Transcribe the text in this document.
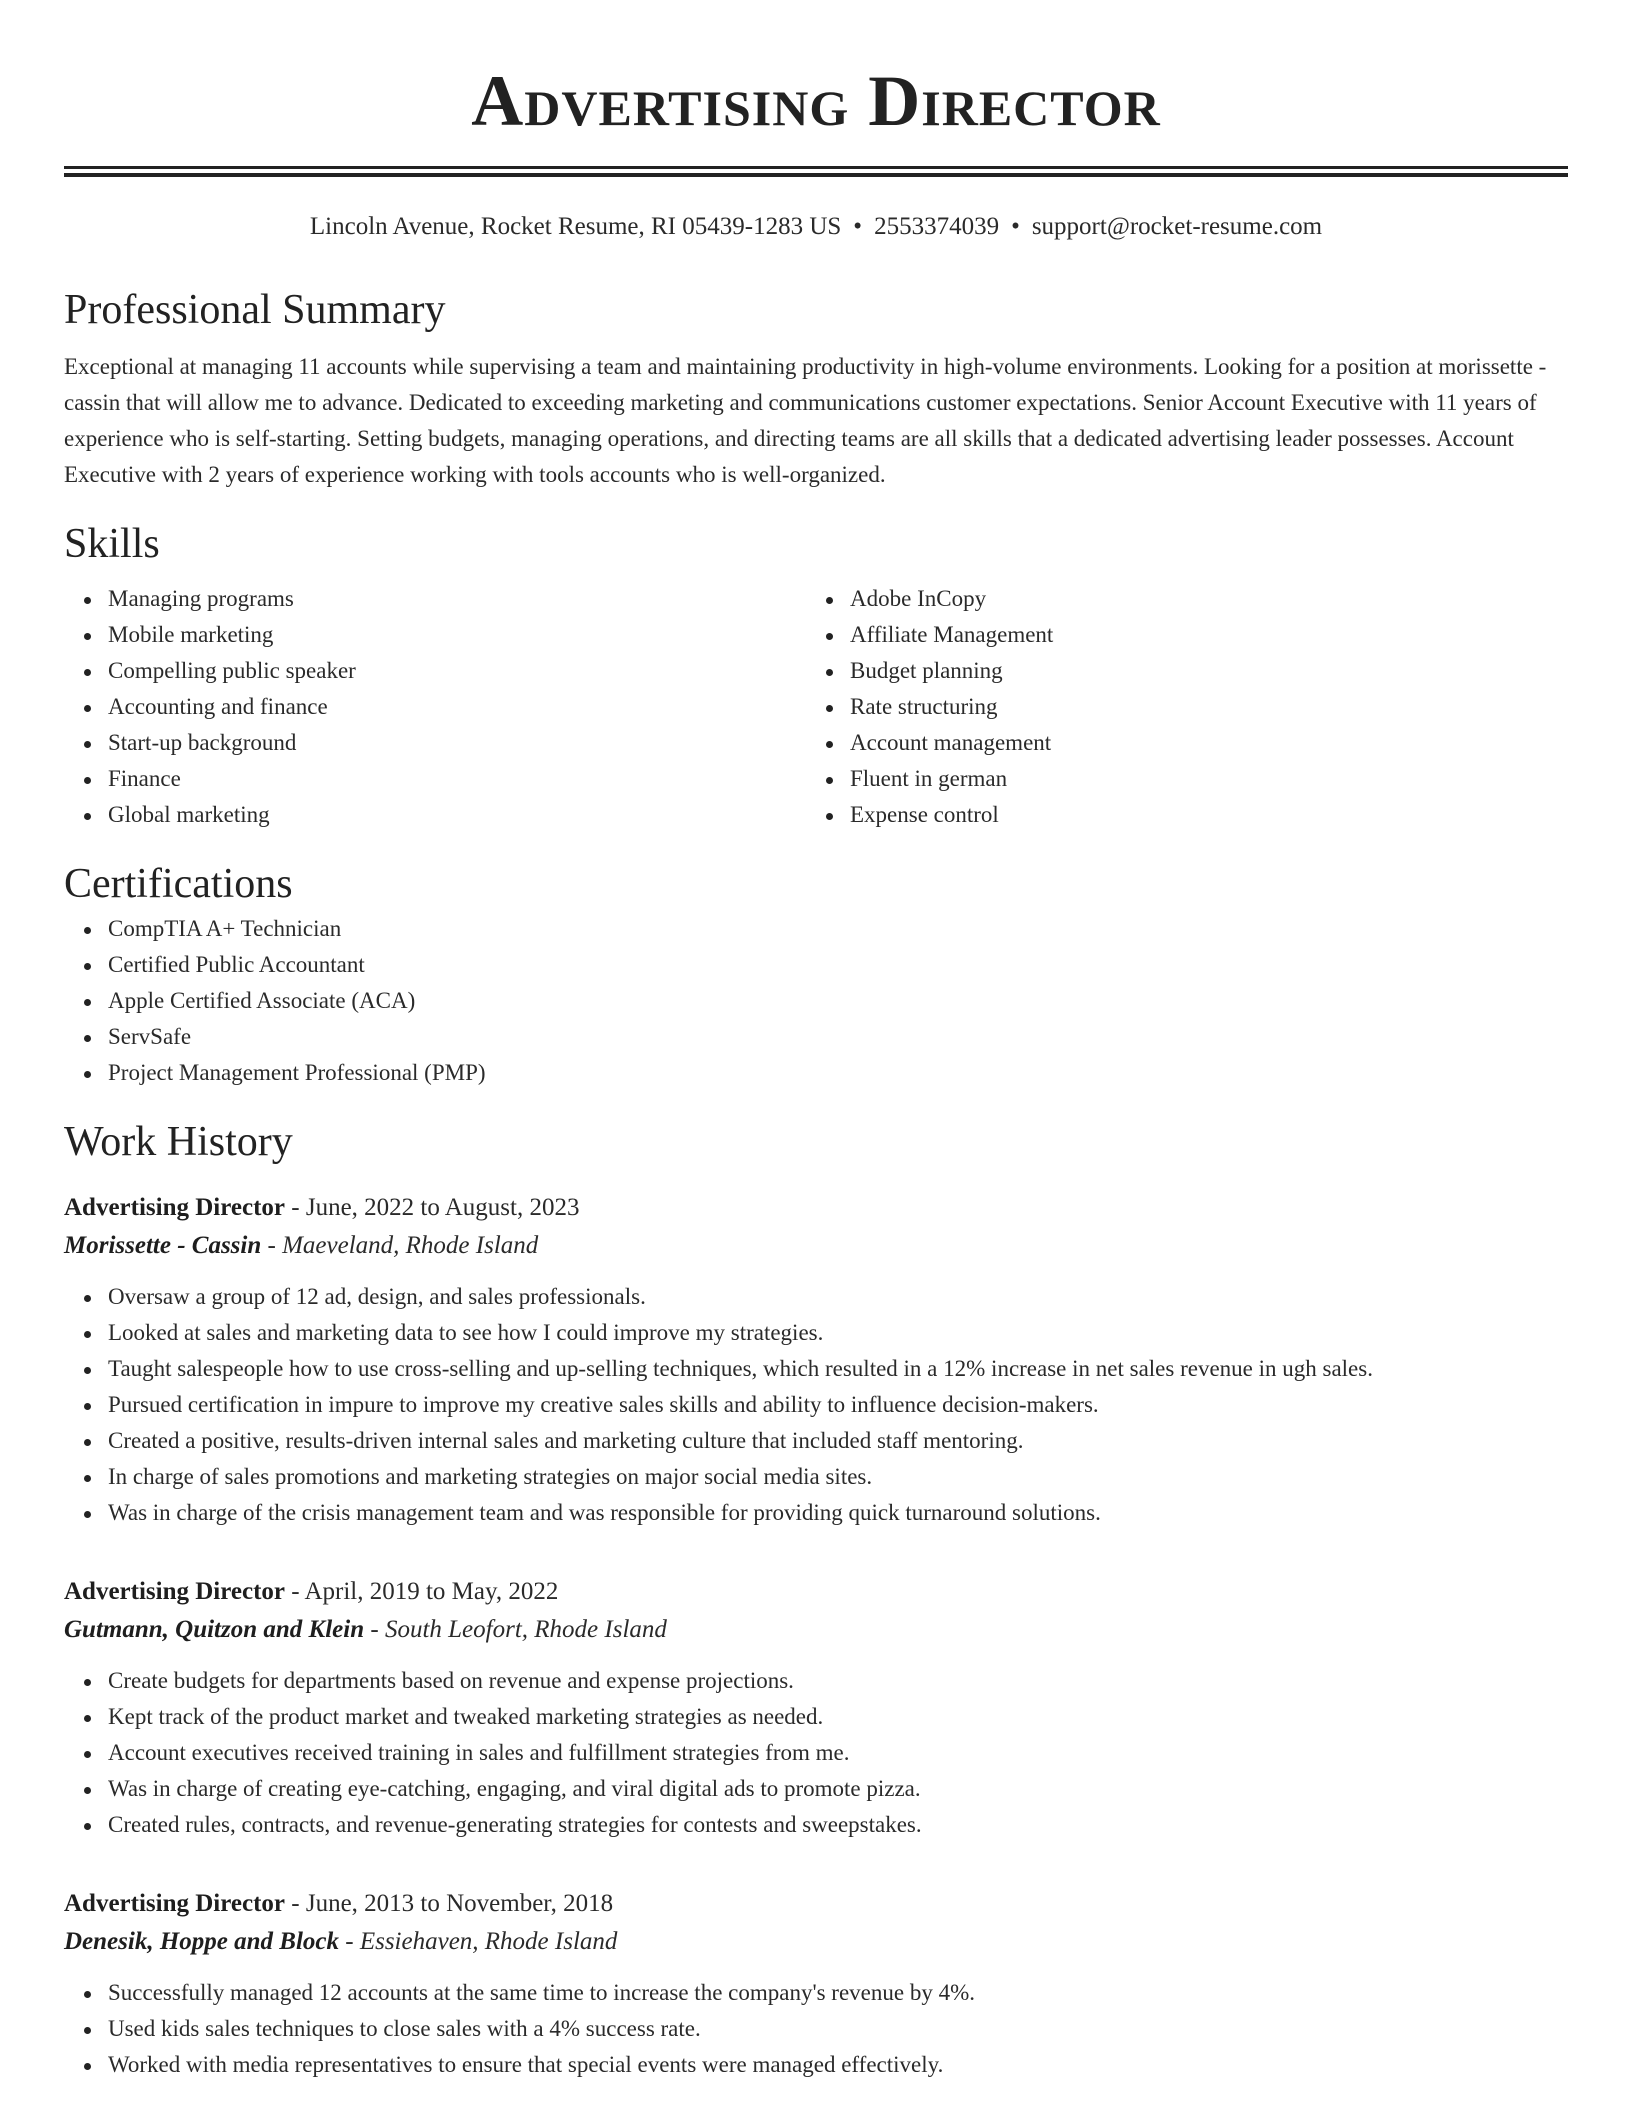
Advertising Director
Lincoln Avenue, Rocket Resume, RI 05439-1283 US • 2553374039 • support@rocket-resume.com
Professional Summary

Exceptional at managing 11 accounts while supervising a team and maintaining productivity in high-volume environments. Looking for a position at morissette - cassin that will allow me to advance. Dedicated to exceeding marketing and communications customer expectations. Senior Account Executive with 11 years of experience who is self-starting. Setting budgets, managing operations, and directing teams are all skills that a dedicated advertising leader possesses. Account Executive with 2 years of experience working with tools accounts who is well-organized.

Skills
Managing programs
Mobile marketing
Compelling public speaker
Accounting and finance
Start-up background
Finance
Global marketing
Adobe InCopy
Affiliate Management
Budget planning
Rate structuring
Account management
Fluent in german
Expense control
Certifications
CompTIA A+ Technician
Certified Public Accountant
Apple Certified Associate (ACA)
ServSafe
Project Management Professional (PMP)
Work History
Advertising Director - June, 2022 to August, 2023
Morissette - Cassin - Maeveland, Rhode Island
Oversaw a group of 12 ad, design, and sales professionals.
Looked at sales and marketing data to see how I could improve my strategies.
Taught salespeople how to use cross-selling and up-selling techniques, which resulted in a 12% increase in net sales revenue in ugh sales.
Pursued certification in impure to improve my creative sales skills and ability to influence decision-makers.
Created a positive, results-driven internal sales and marketing culture that included staff mentoring.
In charge of sales promotions and marketing strategies on major social media sites.
Was in charge of the crisis management team and was responsible for providing quick turnaround solutions.
Advertising Director - April, 2019 to May, 2022
Gutmann, Quitzon and Klein - South Leofort, Rhode Island
Create budgets for departments based on revenue and expense projections.
Kept track of the product market and tweaked marketing strategies as needed.
Account executives received training in sales and fulfillment strategies from me.
Was in charge of creating eye-catching, engaging, and viral digital ads to promote pizza.
Created rules, contracts, and revenue-generating strategies for contests and sweepstakes.
Advertising Director - June, 2013 to November, 2018
Denesik, Hoppe and Block - Essiehaven, Rhode Island
Successfully managed 12 accounts at the same time to increase the company's revenue by 4%.
Used kids sales techniques to close sales with a 4% success rate.
Worked with media representatives to ensure that special events were managed effectively.
